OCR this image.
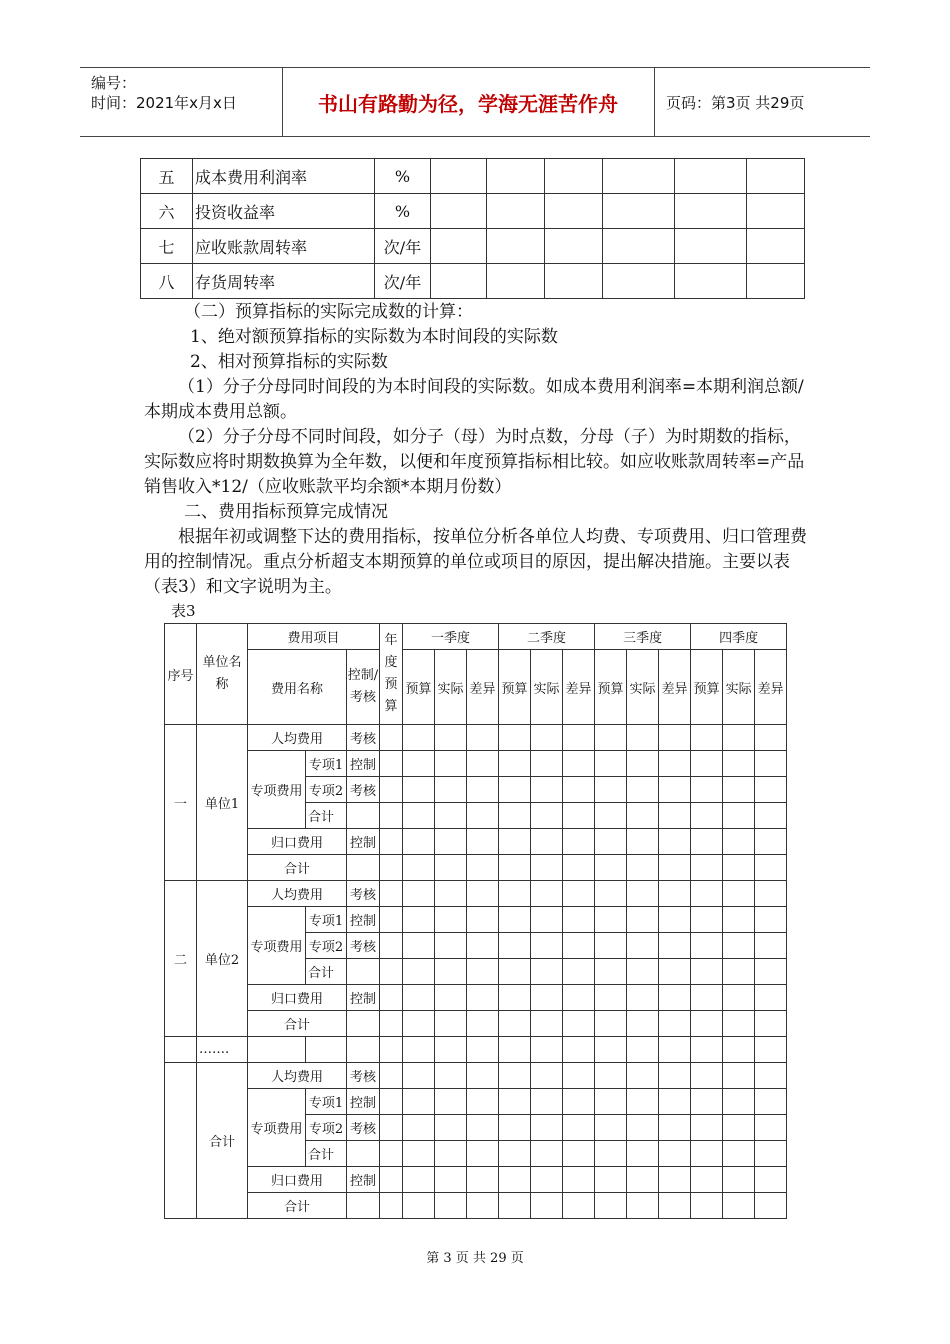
编号：
时间：2021年x月x日	书山有路勤为径，学海无涯苦作舟	页码：第3页 共29页
五	成本费用利润率	%						
六	投资收益率	%						
七	应收账款周转率	次/年						
八	存货周转率	次/年						
（二）预算指标的实际完成数的计算：
1、绝对额预算指标的实际数为本时间段的实际数
2、相对预算指标的实际数
（1）分子分母同时间段的为本时间段的实际数。如成本费用利润率=本期利润总额/本期成本费用总额。
（2）分子分母不同时间段，如分子（母）为时点数，分母（子）为时期数的指标，实际数应将时期数换算为全年数，以便和年度预算指标相比较。如应收账款周转率=产品销售收入*12/（应收账款平均余额*本期月份数）
二、费用指标预算完成情况
根据年初或调整下达的费用指标，按单位分析各单位人均费、专项费用、归口管理费用的控制情况。重点分析超支本期预算的单位或项目的原因，提出解决措施。主要以表（表3）和文字说明为主。
表3
序号	单位名称	费用项目			年度预算	一季度			二季度			三季度			四季度		
		费用名称		控制/考核		预算	实际	差异	预算	实际	差异	预算	实际	差异	预算	实际	差异
一	单位1	人均费用		考核													
		专项费用	专项1	控制													
			专项2	考核													
			合计														
		归口费用		控制													
		合计															
二	单位2	人均费用		考核													
		专项费用	专项1	控制													
			专项2	考核													
			合计														
		归口费用		控制													
		合计															
	…….																
	合计	人均费用		考核													
		专项费用	专项1	控制													
			专项2	考核													
			合计														
		归口费用		控制													
		合计															
第 3 页 共 29 页
